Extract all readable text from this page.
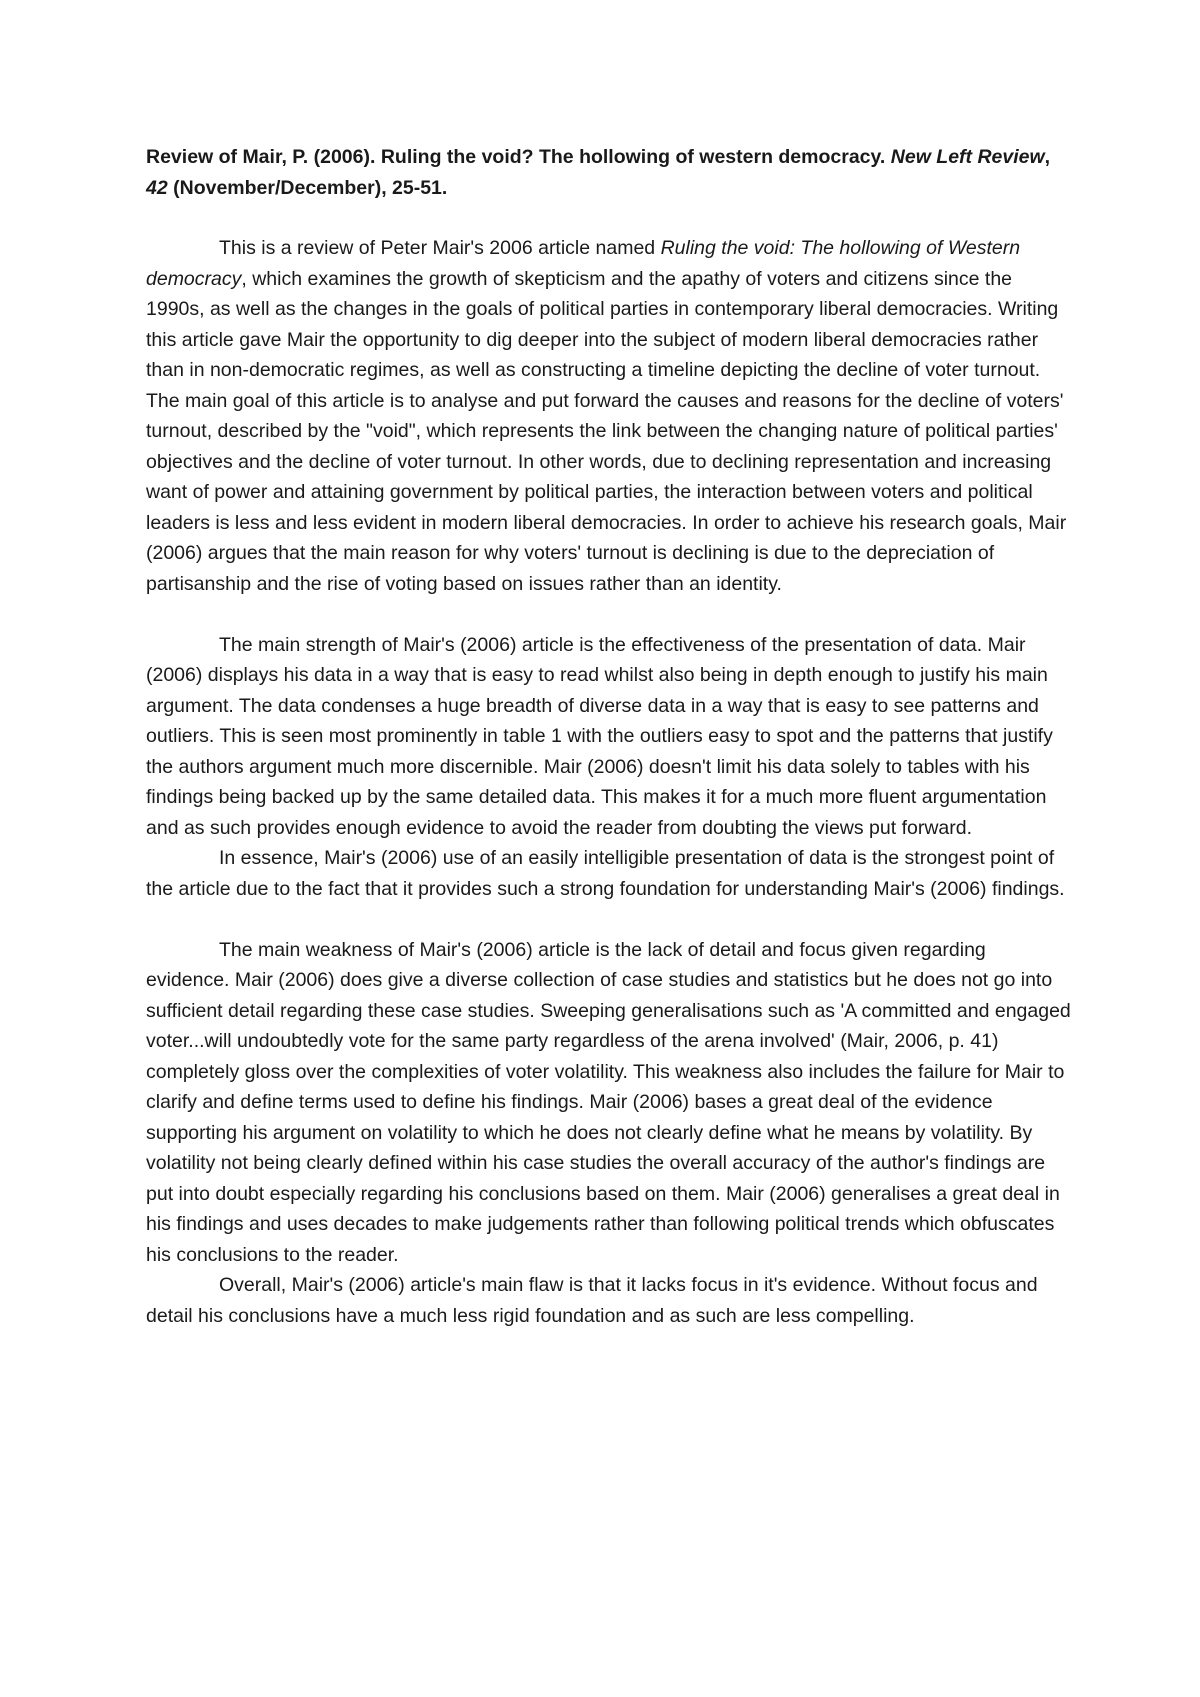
Review of Mair, P. (2006). Ruling the void? The hollowing of western democracy. New Left Review, 42 (November/December), 25-51.

This is a review of Peter Mair's 2006 article named Ruling the void: The hollowing of Western democracy, which examines the growth of skepticism and the apathy of voters and citizens since the 1990s, as well as the changes in the goals of political parties in contemporary liberal democracies. Writing this article gave Mair the opportunity to dig deeper into the subject of modern liberal democracies rather than in non-democratic regimes, as well as constructing a timeline depicting the decline of voter turnout. The main goal of this article is to analyse and put forward the causes and reasons for the decline of voters' turnout, described by the "void", which represents the link between the changing nature of political parties' objectives and the decline of voter turnout. In other words, due to declining representation and increasing want of power and attaining government by political parties, the interaction between voters and political leaders is less and less evident in modern liberal democracies. In order to achieve his research goals, Mair (2006) argues that the main reason for why voters' turnout is declining is due to the depreciation of partisanship and the rise of voting based on issues rather than an identity.

The main strength of Mair's (2006) article is the effectiveness of the presentation of data. Mair (2006) displays his data in a way that is easy to read whilst also being in depth enough to justify his main argument. The data condenses a huge breadth of diverse data in a way that is easy to see patterns and outliers. This is seen most prominently in table 1 with the outliers easy to spot and the patterns that justify the authors argument much more discernible. Mair (2006) doesn't limit his data solely to tables with his findings being backed up by the same detailed data. This makes it for a much more fluent argumentation and as such provides enough evidence to avoid the reader from doubting the views put forward.

In essence, Mair's (2006) use of an easily intelligible presentation of data is the strongest point of the article due to the fact that it provides such a strong foundation for understanding Mair's (2006) findings.

The main weakness of Mair's (2006) article is the lack of detail and focus given regarding evidence. Mair (2006) does give a diverse collection of case studies and statistics but he does not go into sufficient detail regarding these case studies. Sweeping generalisations such as 'A committed and engaged voter...will undoubtedly vote for the same party regardless of the arena involved' (Mair, 2006, p. 41) completely gloss over the complexities of voter volatility. This weakness also includes the failure for Mair to clarify and define terms used to define his findings. Mair (2006) bases a great deal of the evidence supporting his argument on volatility to which he does not clearly define what he means by volatility. By volatility not being clearly defined within his case studies the overall accuracy of the author's findings are put into doubt especially regarding his conclusions based on them. Mair (2006) generalises a great deal in his findings and uses decades to make judgements rather than following political trends which obfuscates his conclusions to the reader.

Overall, Mair's (2006) article's main flaw is that it lacks focus in it's evidence. Without focus and detail his conclusions have a much less rigid foundation and as such are less compelling.
